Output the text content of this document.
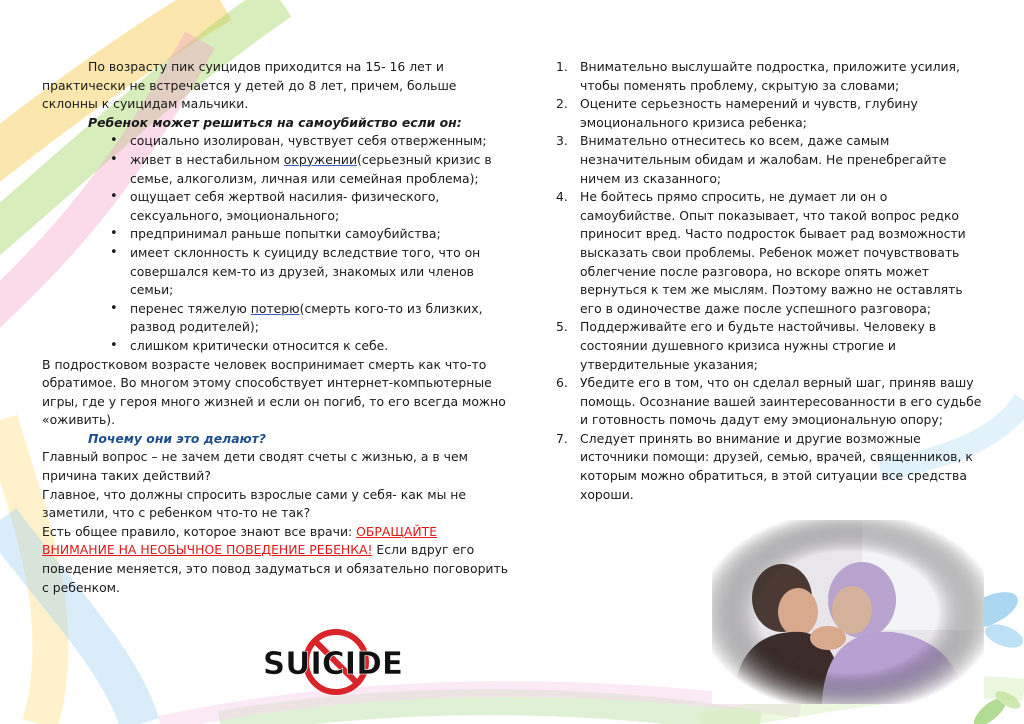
По возрасту пик суицидов приходится на 15- 16 лет и практически не встречается у детей до 8 лет, причем, больше склонны к суицидам мальчики.

Ребенок может решиться на самоубийство если он:

• социально изолирован, чувствует себя отверженным;
• живет в нестабильном окружении(серьезный кризис в семье, алкоголизм, личная или семейная проблема);
• ощущает себя жертвой насилия- физического, сексуального, эмоционального;
• предпринимал раньше попытки самоубийства;
• имеет склонность к суициду вследствие того, что он совершался кем-то из друзей, знакомых или членов семьи;
• перенес тяжелую потерю(смерть кого-то из близких, развод родителей);
• слишком критически относится к себе.

В подростковом возрасте человек воспринимает смерть как что-то обратимое. Во многом этому способствует интернет-компьютерные игры, где у героя много жизней и если он погиб, то его всегда можно «оживить).

Почему они это делают?

Главный вопрос – не зачем дети сводят счеты с жизнью, а в чем причина таких действий?

Главное, что должны спросить взрослые сами у себя- как мы не заметили, что с ребенком что-то не так?

Есть общее правило, которое знают все врачи: ОБРАЩАЙТЕ ВНИМАНИЕ НА НЕОБЫЧНОЕ ПОВЕДЕНИЕ РЕБЕНКА! Если вдруг его поведение меняется, это повод задуматься и обязательно поговорить с ребенком.

1. Внимательно выслушайте подростка, приложите усилия, чтобы поменять проблему, скрытую за словами;
2. Оцените серьезность намерений и чувств, глубину эмоционального кризиса ребенка;
3. Внимательно отнеситесь ко всем, даже самым незначительным обидам и жалобам. Не пренебрегайте ничем из сказанного;
4. Не бойтесь прямо спросить, не думает ли он о самоубийстве. Опыт показывает, что такой вопрос редко приносит вред. Часто подросток бывает рад возможности высказать свои проблемы. Ребенок может почувствовать облегчение после разговора, но вскоре опять может вернуться к тем же мыслям. Поэтому важно не оставлять его в одиночестве даже после успешного разговора;
5. Поддерживайте его и будьте настойчивы. Человеку в состоянии душевного кризиса нужны строгие и утвердительные указания;
6. Убедите его в том, что он сделал верный шаг, приняв вашу помощь. Осознание вашей заинтересованности в его судьбе и готовность помочь дадут ему эмоциональную опору;
7. Следует принять во внимание и другие возможные источники помощи: друзей, семью, врачей, священников, к которым можно обратиться, в этой ситуации все средства хороши.
SUICIDE
